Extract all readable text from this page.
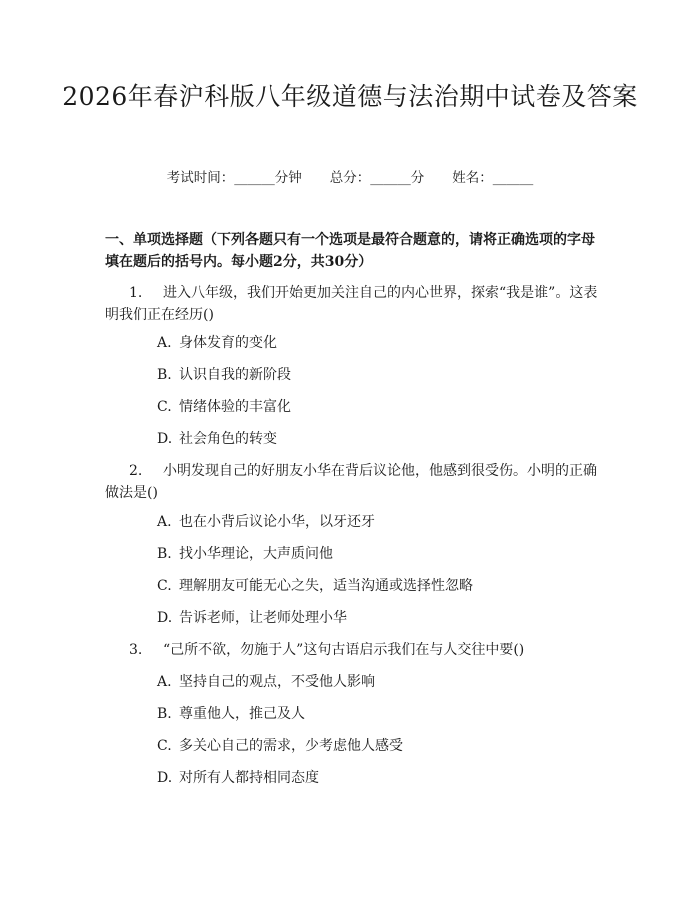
2026年春沪科版八年级道德与法治期中试卷及答案
考试时间：______分钟 总分：______分 姓名：______

一、单项选择题（下列各题只有一个选项是最符合题意的，请将正确选项的字母填在题后的括号内。每小题2分，共30分）

1. 进入八年级，我们开始更加关注自己的内心世界，探索“我是谁”。这表明我们正在经历()

A. 身体发育的变化

B. 认识自我的新阶段

C. 情绪体验的丰富化

D. 社会角色的转变

2. 小明发现自己的好朋友小华在背后议论他，他感到很受伤。小明的正确做法是()

A. 也在小背后议论小华，以牙还牙

B. 找小华理论，大声质问他

C. 理解朋友可能无心之失，适当沟通或选择性忽略

D. 告诉老师，让老师处理小华

3. “己所不欲，勿施于人”这句古语启示我们在与人交往中要()

A. 坚持自己的观点，不受他人影响

B. 尊重他人，推己及人

C. 多关心自己的需求，少考虑他人感受

D. 对所有人都持相同态度
